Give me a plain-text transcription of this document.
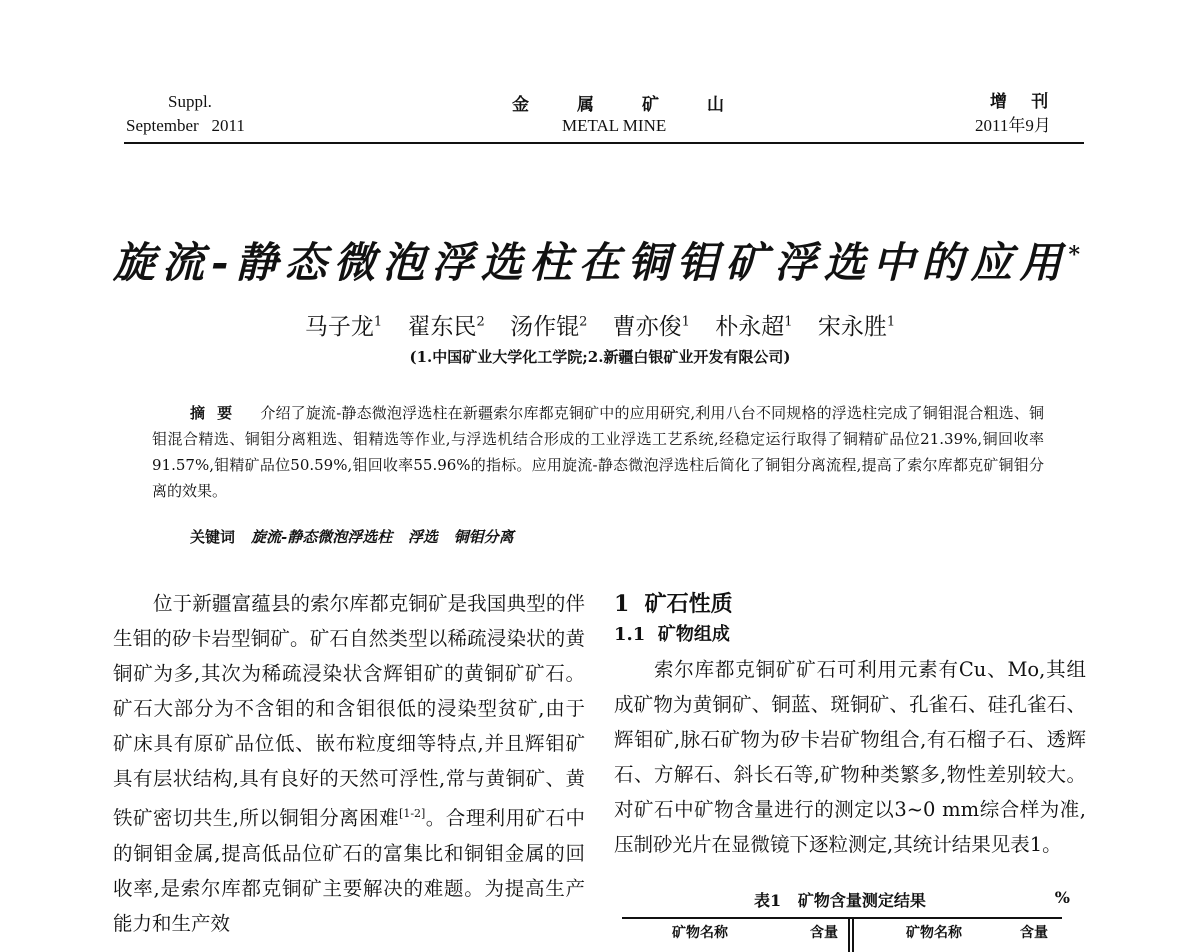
Suppl.
September   2011
金属矿山
METAL MINE
增 刊
2011年9月
旋流-静态微泡浮选柱在铜钼矿浮选中的应用*
马子龙$^1$ 翟东民$^2$ 汤作锟$^2$ 曹亦俊$^1$ 朴永超$^1$ 宋永胜$^1$
(1.中国矿业大学化工学院;2.新疆白银矿业开发有限公司)
摘要 介绍了旋流-静态微泡浮选柱在新疆索尔库都克铜矿中的应用研究,利用八台不同规格的浮选柱完成了铜钼混合粗选、铜钼混合精选、铜钼分离粗选、钼精选等作业,与浮选机结合形成的工业浮选工艺系统,经稳定运行取得了铜精矿品位21.39%,铜回收率91.57%,钼精矿品位50.59%,钼回收率55.96%的指标。应用旋流-静态微泡浮选柱后简化了铜钼分离流程,提高了索尔库都克矿铜钼分离的效果。
关键词 旋流-静态微泡浮选柱   浮选   铜钼分离

位于新疆富蕴县的索尔库都克铜矿是我国典型的伴生钼的矽卡岩型铜矿。矿石自然类型以稀疏浸染状的黄铜矿为多,其次为稀疏浸染状含辉钼矿的黄铜矿矿石。矿石大部分为不含钼的和含钼很低的浸染型贫矿,由于矿床具有原矿品位低、嵌布粒度细等特点,并且辉钼矿具有层状结构,具有良好的天然可浮性,常与黄铜矿、黄铁矿密切共生,所以铜钼分离困难[1-2]。合理利用矿石中的铜钼金属,提高低品位矿石的富集比和铜钼金属的回收率,是索尔库都克铜矿主要解决的难题。为提高生产能力和生产效

1  矿石性质

1.1  矿物组成

索尔库都克铜矿矿石可利用元素有Cu、Mo,其组成矿物为黄铜矿、铜蓝、斑铜矿、孔雀石、硅孔雀石、辉钼矿,脉石矿物为矽卡岩矿物组合,有石榴子石、透辉石、方解石、斜长石等,矿物种类繁多,物性差别较大。对矿石中矿物含量进行的测定以3~0 mm综合样为准,压制砂光片在显微镜下逐粒测定,其统计结果见表1。

表1   矿物含量测定结果	%
矿物名称	含量	矿物名称	含量
